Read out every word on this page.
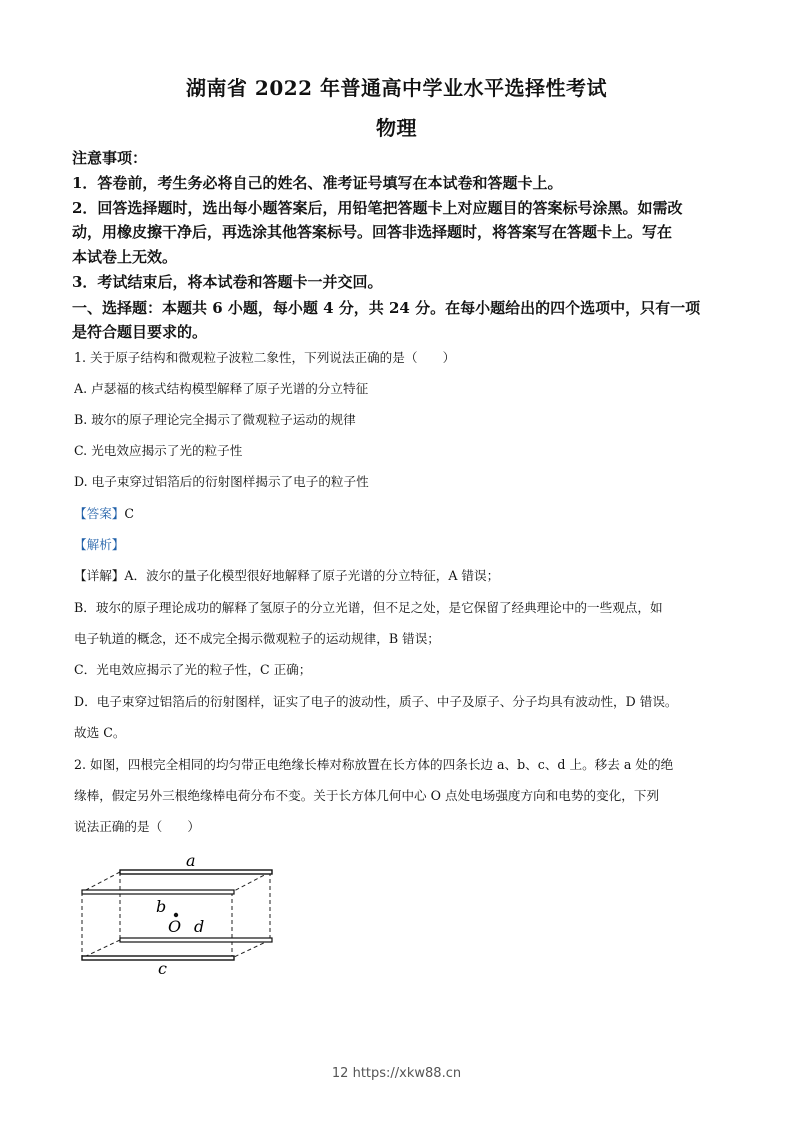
湖南省 2022 年普通高中学业水平选择性考试
物理
注意事项：
1．答卷前，考生务必将自己的姓名、准考证号填写在本试卷和答题卡上。
2．回答选择题时，选出每小题答案后，用铅笔把答题卡上对应题目的答案标号涂黑。如需改
动，用橡皮擦干净后，再选涂其他答案标号。回答非选择题时，将答案写在答题卡上。写在
本试卷上无效。
3．考试结束后，将本试卷和答题卡一并交回。
一、选择题：本题共 6 小题，每小题 4 分，共 24 分。在每小题给出的四个选项中，只有一项
是符合题目要求的。
1. 关于原子结构和微观粒子波粒二象性，下列说法正确的是（　　）
A. 卢瑟福的核式结构模型解释了原子光谱的分立特征
B. 玻尔的原子理论完全揭示了微观粒子运动的规律
C. 光电效应揭示了光的粒子性
D. 电子束穿过铝箔后的衍射图样揭示了电子的粒子性
【答案】C
【解析】
【详解】A．波尔的量子化模型很好地解释了原子光谱的分立特征，A 错误；
B．玻尔的原子理论成功的解释了氢原子的分立光谱，但不足之处，是它保留了经典理论中的一些观点，如
电子轨道的概念，还不成完全揭示微观粒子的运动规律，B 错误；
C．光电效应揭示了光的粒子性，C 正确；
D．电子束穿过铝箔后的衍射图样，证实了电子的波动性，质子、中子及原子、分子均具有波动性，D 错误。
故选 C。
2. 如图，四根完全相同的均匀带正电绝缘长棒对称放置在长方体的四条长边 a、b、c、d 上。移去 a 处的绝
缘棒，假定另外三根绝缘棒电荷分布不变。关于长方体几何中心 O 点处电场强度方向和电势的变化，下列
说法正确的是（　　）
a
b
O d
c
12 https://xkw88.cn
